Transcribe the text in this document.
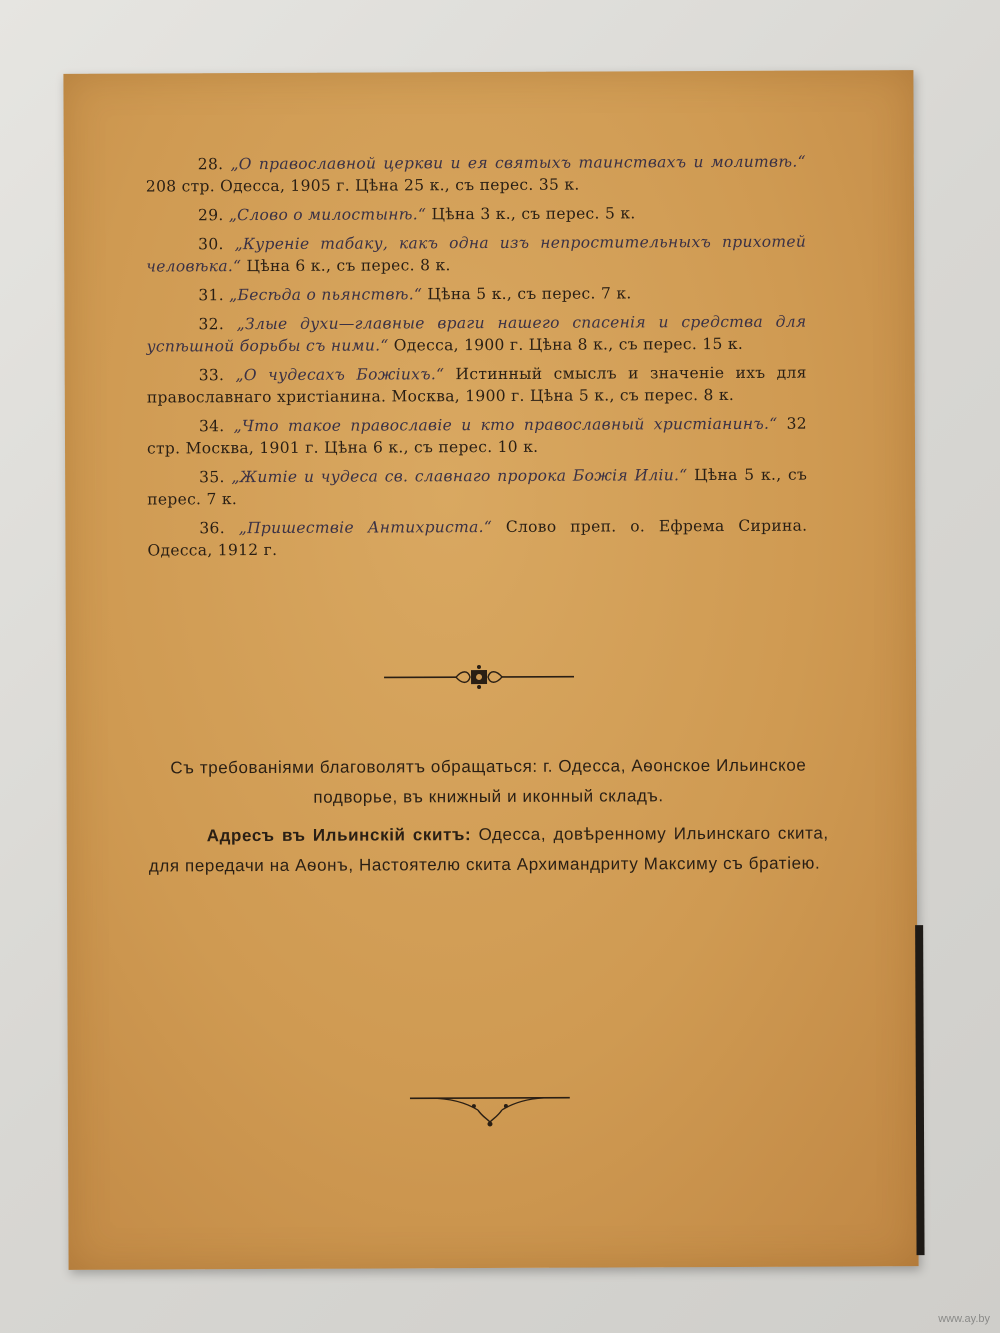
28. „О православной церкви и ея святыхъ таинствахъ и молитвѣ.“ 208 стр. Одесса, 1905 г. Цѣна 25 к., съ перес. 35 к.

29. „Слово о милостынѣ.“ Цѣна 3 к., съ перес. 5 к.

30. „Куреніе табаку, какъ одна изъ непростительныхъ прихотей человѣка.“ Цѣна 6 к., съ перес. 8 к.

31. „Бесѣда о пьянствѣ.“ Цѣна 5 к., съ перес. 7 к.

32. „Злые духи—главные враги нашего спасенія и средства для успѣшной борьбы съ ними.“ Одесса, 1900 г. Цѣна 8 к., съ перес. 15 к.

33. „О чудесахъ Божіихъ.“ Истинный смыслъ и значеніе ихъ для православнаго христіанина. Москва, 1900 г. Цѣна 5 к., съ перес. 8 к.

34. „Что такое православіе и кто православный христіанинъ.“ 32 стр. Москва, 1901 г. Цѣна 6 к., съ перес. 10 к.

35. „Житіе и чудеса св. славнаго пророка Божія Иліи.“ Цѣна 5 к., съ перес. 7 к.

36. „Пришествіе Антихриста.“ Слово преп. о. Ефрема Сирина. Одесса, 1912 г.

Съ требованіями благоволятъ обращаться: г. Одесса, Аѳонское Ильинское подворье, въ книжный и иконный складъ.

Адресъ въ Ильинскій скитъ: Одесса, довѣренному Ильинскаго скита, для передачи на Аѳонъ, Настоятелю скита Архимандриту Максиму съ братіею.

www.ay.by
